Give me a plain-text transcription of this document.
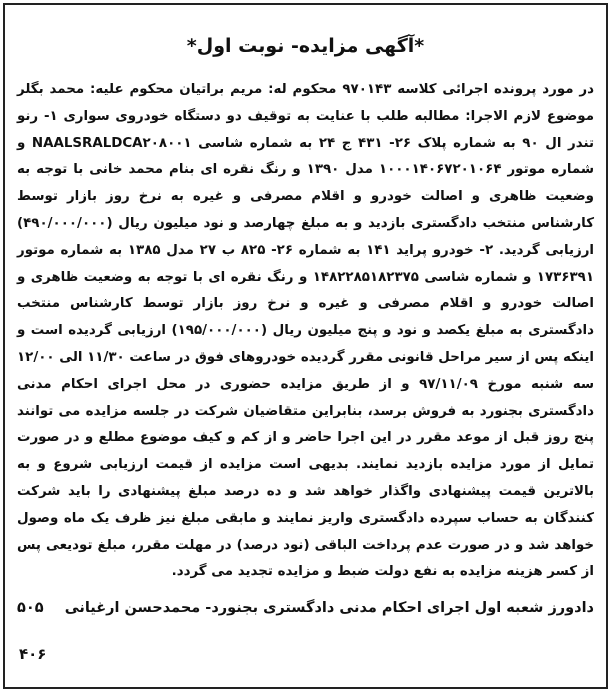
*آگهی مزایده- نوبت اول*

در مورد پرونده اجرائی کلاسه ۹۷۰۱۴۳ محکوم له: مریم براتیان محکوم علیه: محمد بگلر موضوع لازم الاجرا: مطالبه طلب با عنایت به توقیف دو دستگاه خودروی سواری ۱- رنو تندر ال ۹۰ به شماره پلاک ۲۶- ۴۳۱ ج ۲۴ به شماره شاسی NAALSRALDCA۲۰۸۰۰۱ و شماره موتور ۱۰۰۰۱۴۰۶۷۲۰۱۰۶۴ مدل ۱۳۹۰ و رنگ نقره ای بنام محمد خانی با توجه به وضعیت ظاهری و اصالت خودرو و اقلام مصرفی و غیره به نرخ روز بازار توسط کارشناس منتخب دادگستری بازدید و به مبلغ چهارصد و نود میلیون ریال (۴۹۰/۰۰۰/۰۰۰) ارزیابی گردید. ۲- خودرو پراید ۱۴۱ به شماره ۲۶- ۸۲۵ ب ۲۷ مدل ۱۳۸۵ به شماره موتور ۱۷۳۶۳۹۱ و شماره شاسی ۱۴۸۲۲۸۵۱۸۲۳۷۵ و رنگ نقره ای با توجه به وضعیت ظاهری و اصالت خودرو و اقلام مصرفی و غیره و نرخ روز بازار توسط کارشناس منتخب دادگستری به مبلغ یکصد و نود و پنج میلیون ریال (۱۹۵/۰۰۰/۰۰۰) ارزیابی گردیده است و اینکه پس از سیر مراحل قانونی مقرر گردیده خودروهای فوق در ساعت ۱۱/۳۰ الی ۱۲/۰۰ سه شنبه مورخ ۹۷/۱۱/۰۹ و از طریق مزایده حضوری در محل اجرای احکام مدنی دادگستری بجنورد به فروش برسد، بنابراین متقاضیان شرکت در جلسه مزایده می توانند پنج روز قبل از موعد مقرر در این اجرا حاضر و از کم و کیف موضوع مطلع و در صورت تمایل از مورد مزایده بازدید نمایند. بدیهی است مزایده از قیمت ارزیابی شروع و به بالاترین قیمت پیشنهادی واگذار خواهد شد و ده درصد مبلغ پیشنهادی را باید شرکت کنندگان به حساب سپرده دادگستری واریز نمایند و مابقی مبلغ نیز ظرف یک ماه وصول خواهد شد و در صورت عدم پرداخت الباقی (نود درصد) در مهلت مقرر، مبلغ تودیعی پس از کسر هزینه مزایده به نفع دولت ضبط و مزایده تجدید می گردد.

دادورز شعبه اول اجرای احکام مدنی دادگستری بجنورد- محمدحسن ارغیانی
۵۰۵
۴۰۶
